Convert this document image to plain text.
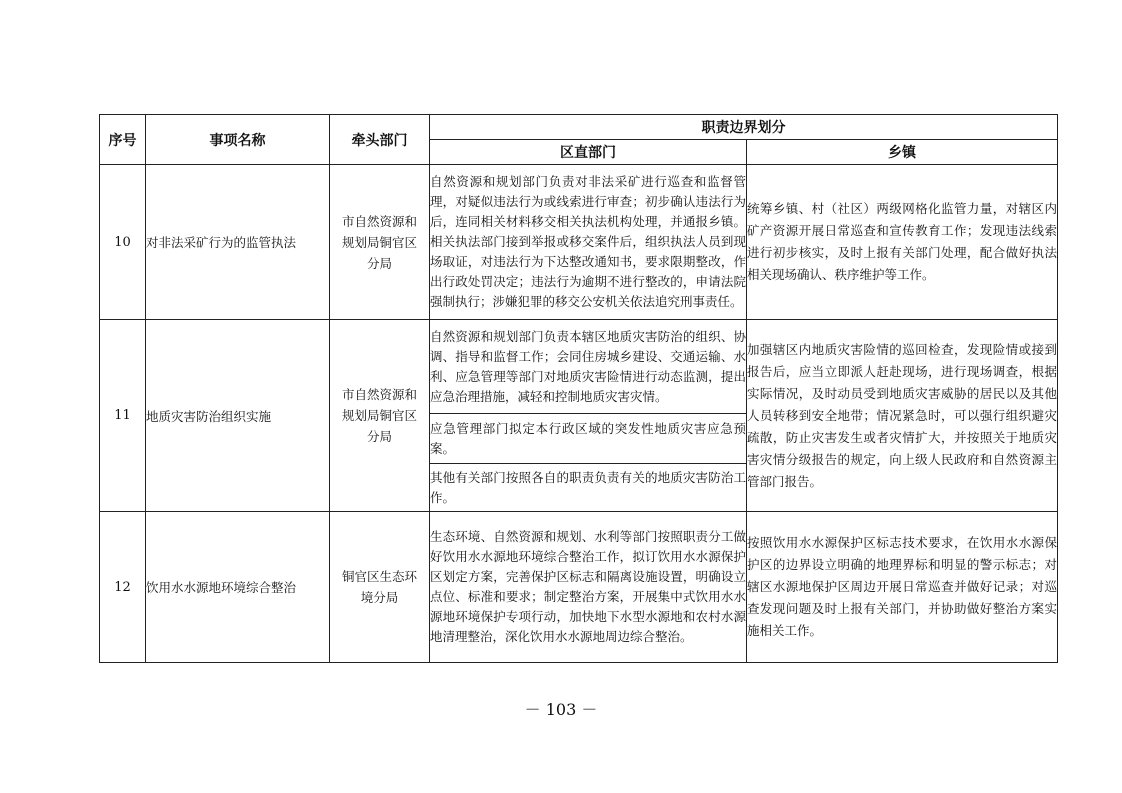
序号	事项名称	牵头部门	职责边界划分	
			区直部门	乡镇
10	对非法采矿行为的监管执法	市自然资源和
规划局铜官区
分局	自然资源和规划部门负责对非法采矿进行巡查和监督管理，对疑似违法行为或线索进行审查；初步确认违法行为后，连同相关材料移交相关执法机构处理，并通报乡镇。相关执法部门接到举报或移交案件后，组织执法人员到现场取证，对违法行为下达整改通知书，要求限期整改，作出行政处罚决定；违法行为逾期不进行整改的，申请法院强制执行；涉嫌犯罪的移交公安机关依法追究刑事责任。	统筹乡镇、村（社区）两级网格化监管力量，对辖区内矿产资源开展日常巡查和宣传教育工作；发现违法线索进行初步核实，及时上报有关部门处理，配合做好执法相关现场确认、秩序维护等工作。
11	地质灾害防治组织实施	市自然资源和
规划局铜官区
分局	自然资源和规划部门负责本辖区地质灾害防治的组织、协调、指导和监督工作；会同住房城乡建设、交通运输、水利、应急管理等部门对地质灾害险情进行动态监测，提出应急治理措施，减轻和控制地质灾害灾情。	加强辖区内地质灾害险情的巡回检查，发现险情或接到报告后，应当立即派人赶赴现场，进行现场调查，根据实际情况，及时动员受到地质灾害威胁的居民以及其他人员转移到安全地带；情况紧急时，可以强行组织避灾疏散，防止灾害发生或者灾情扩大，并按照关于地质灾害灾情分级报告的规定，向上级人民政府和自然资源主管部门报告。
			应急管理部门拟定本行政区域的突发性地质灾害应急预案。	
			其他有关部门按照各自的职责负责有关的地质灾害防治工作。	
12	饮用水水源地环境综合整治	铜官区生态环
境分局	生态环境、自然资源和规划、水利等部门按照职责分工做好饮用水水源地环境综合整治工作，拟订饮用水水源保护区划定方案，完善保护区标志和隔离设施设置，明确设立点位、标准和要求；制定整治方案，开展集中式饮用水水源地环境保护专项行动，加快地下水型水源地和农村水源地清理整治，深化饮用水水源地周边综合整治。	按照饮用水水源保护区标志技术要求，在饮用水水源保护区的边界设立明确的地理界标和明显的警示标志；对辖区水源地保护区周边开展日常巡查并做好记录；对巡查发现问题及时上报有关部门，并协助做好整治方案实施相关工作。
－ 103 －
